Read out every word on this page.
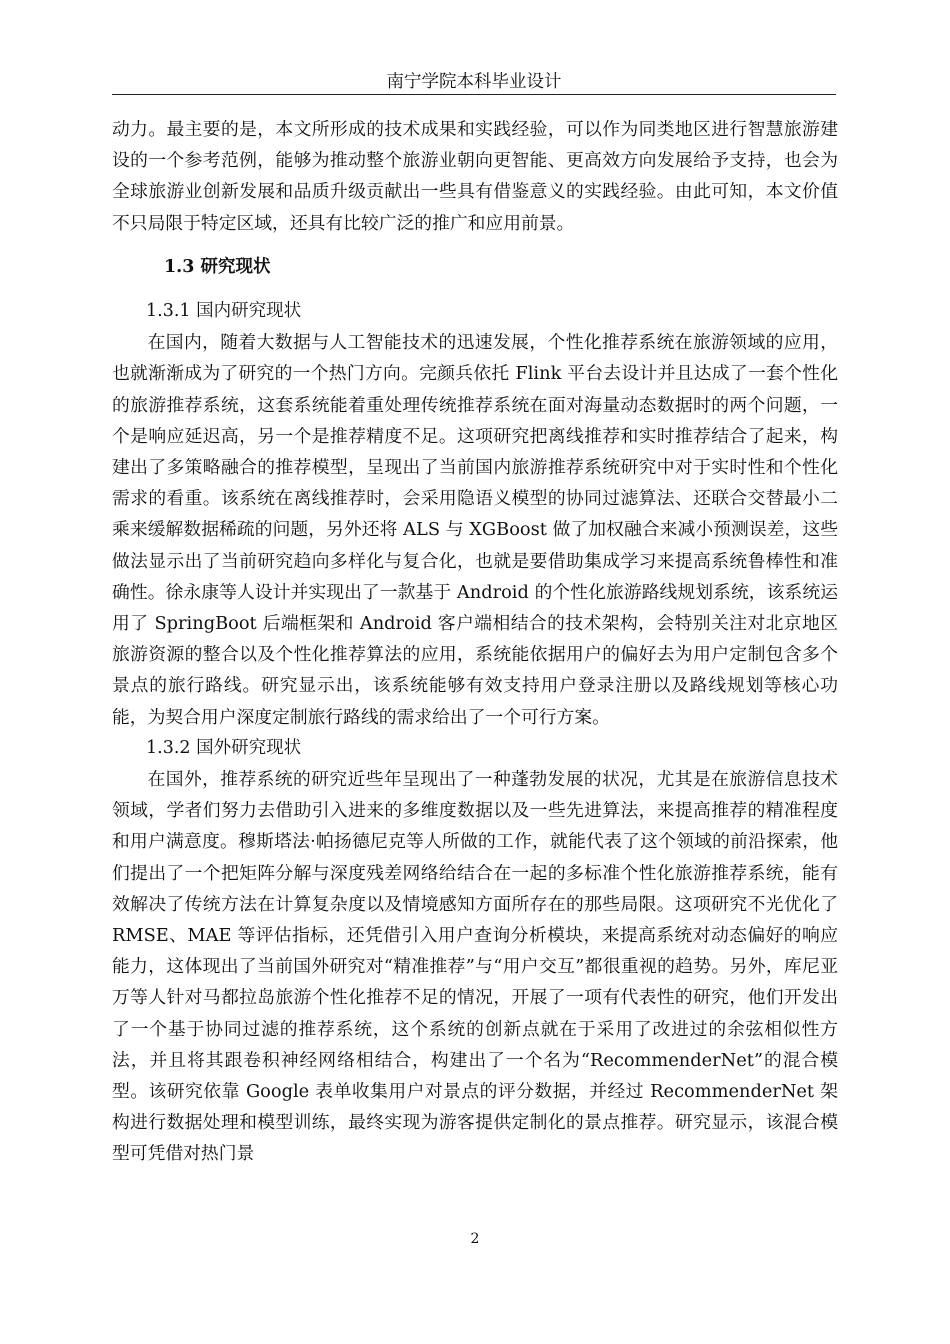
南宁学院本科毕业设计

动力。最主要的是，本文所形成的技术成果和实践经验，可以作为同类地区进行智慧旅游建设的一个参考范例，能够为推动整个旅游业朝向更智能、更高效方向发展给予支持，也会为全球旅游业创新发展和品质升级贡献出一些具有借鉴意义的实践经验。由此可知，本文价值不只局限于特定区域，还具有比较广泛的推广和应用前景。

1.3 研究现状

1.3.1 国内研究现状

在国内，随着大数据与人工智能技术的迅速发展，个性化推荐系统在旅游领域的应用，也就渐渐成为了研究的一个热门方向。完颜兵依托 Flink 平台去设计并且达成了一套个性化的旅游推荐系统，这套系统能着重处理传统推荐系统在面对海量动态数据时的两个问题，一个是响应延迟高，另一个是推荐精度不足。这项研究把离线推荐和实时推荐结合了起来，构建出了多策略融合的推荐模型，呈现出了当前国内旅游推荐系统研究中对于实时性和个性化需求的看重。该系统在离线推荐时，会采用隐语义模型的协同过滤算法、还联合交替最小二乘来缓解数据稀疏的问题，另外还将 ALS 与 XGBoost 做了加权融合来减小预测误差，这些做法显示出了当前研究趋向多样化与复合化，也就是要借助集成学习来提高系统鲁棒性和准确性。徐永康等人设计并实现出了一款基于 Android 的个性化旅游路线规划系统，该系统运用了 SpringBoot 后端框架和 Android 客户端相结合的技术架构，会特别关注对北京地区旅游资源的整合以及个性化推荐算法的应用，系统能依据用户的偏好去为用户定制包含多个景点的旅行路线。研究显示出，该系统能够有效支持用户登录注册以及路线规划等核心功能，为契合用户深度定制旅行路线的需求给出了一个可行方案。

1.3.2 国外研究现状

在国外，推荐系统的研究近些年呈现出了一种蓬勃发展的状况，尤其是在旅游信息技术领域，学者们努力去借助引入进来的多维度数据以及一些先进算法，来提高推荐的精准程度和用户满意度。穆斯塔法·帕扬德尼克等人所做的工作，就能代表了这个领域的前沿探索，他们提出了一个把矩阵分解与深度残差网络给结合在一起的多标准个性化旅游推荐系统，能有效解决了传统方法在计算复杂度以及情境感知方面所存在的那些局限。这项研究不光优化了 RMSE、MAE 等评估指标，还凭借引入用户查询分析模块，来提高系统对动态偏好的响应能力，这体现出了当前国外研究对“精准推荐”与“用户交互”都很重视的趋势。另外，库尼亚万等人针对马都拉岛旅游个性化推荐不足的情况，开展了一项有代表性的研究，他们开发出了一个基于协同过滤的推荐系统，这个系统的创新点就在于采用了改进过的余弦相似性方法，并且将其跟卷积神经网络相结合，构建出了一个名为“RecommenderNet”的混合模型。该研究依靠 Google 表单收集用户对景点的评分数据，并经过 RecommenderNet 架构进行数据处理和模型训练，最终实现为游客提供定制化的景点推荐。研究显示，该混合模型可凭借对热门景

2
